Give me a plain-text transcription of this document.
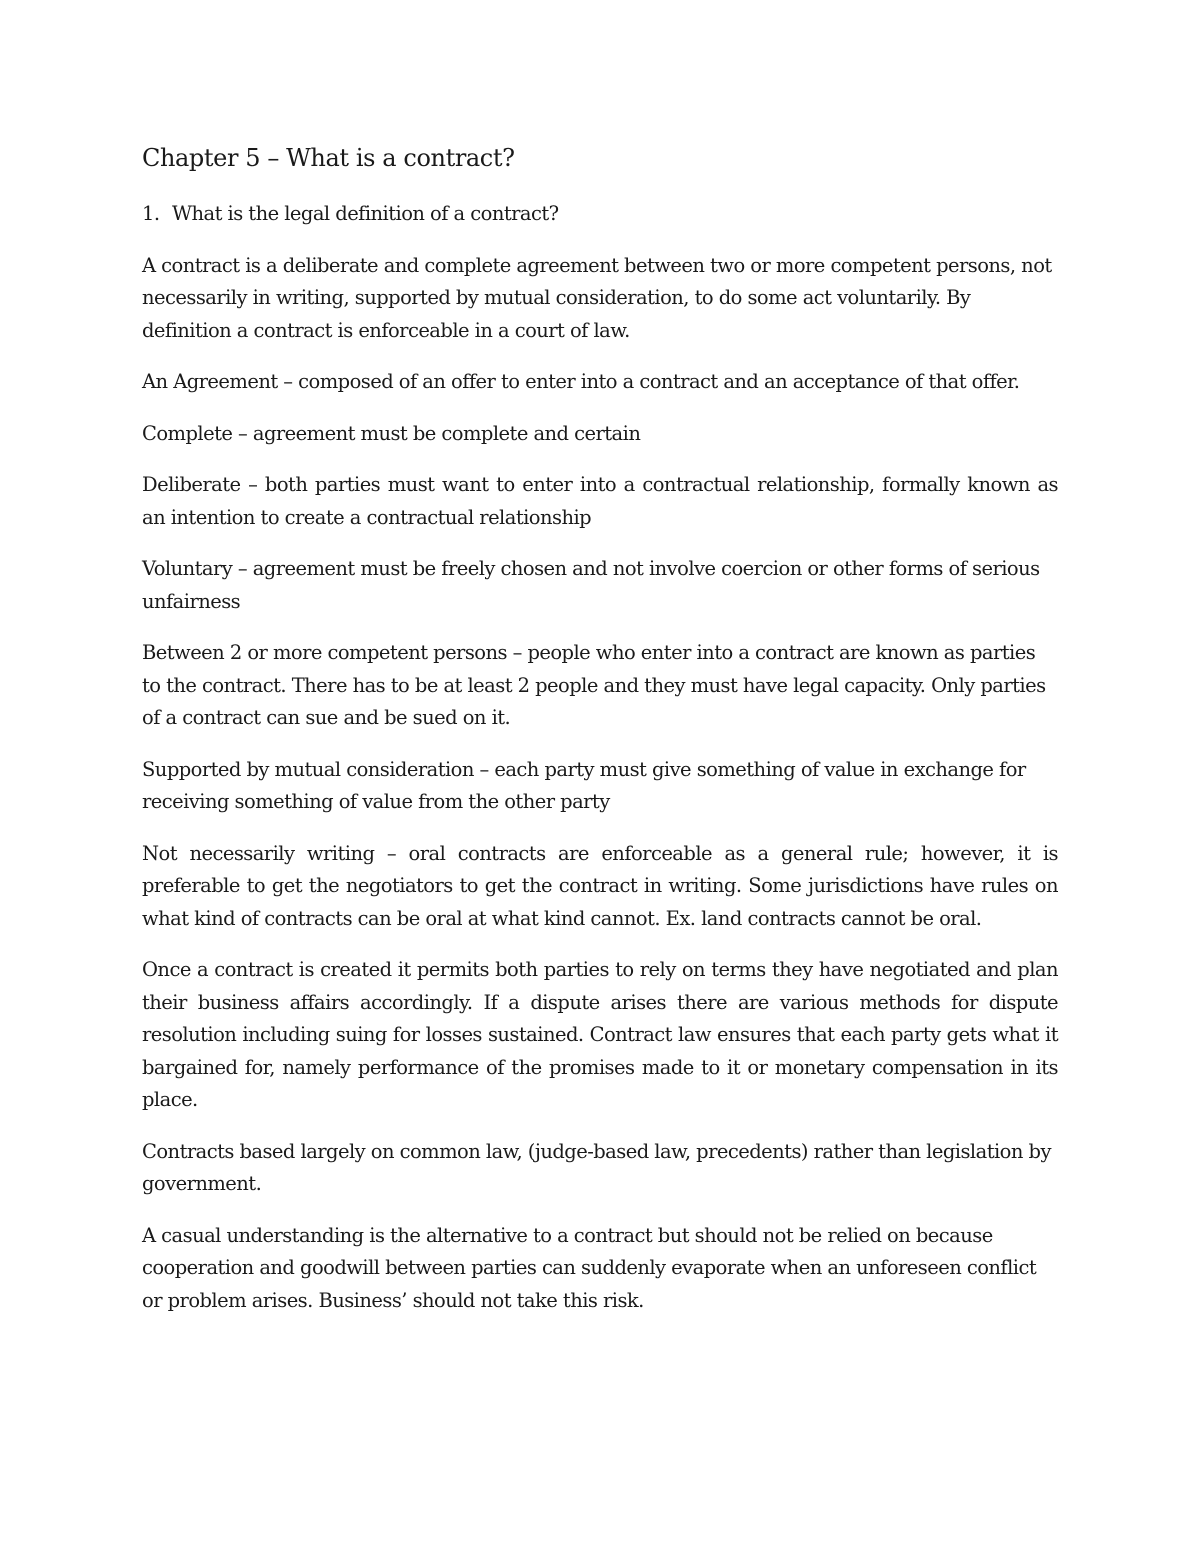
Chapter 5 – What is a contract?
1. What is the legal definition of a contract?

A contract is a deliberate and complete agreement between two or more competent persons, not necessarily in writing, supported by mutual consideration, to do some act voluntarily. By definition a contract is enforceable in a court of law.

An Agreement – composed of an offer to enter into a contract and an acceptance of that offer.

Complete – agreement must be complete and certain

Deliberate – both parties must want to enter into a contractual relationship, formally known as an intention to create a contractual relationship

Voluntary – agreement must be freely chosen and not involve coercion or other forms of serious unfairness

Between 2 or more competent persons – people who enter into a contract are known as parties to the contract. There has to be at least 2 people and they must have legal capacity. Only parties of a contract can sue and be sued on it.

Supported by mutual consideration – each party must give something of value in exchange for receiving something of value from the other party

Not necessarily writing – oral contracts are enforceable as a general rule; however, it is preferable to get the negotiators to get the contract in writing. Some jurisdictions have rules on what kind of contracts can be oral at what kind cannot. Ex. land contracts cannot be oral.

Once a contract is created it permits both parties to rely on terms they have negotiated and plan their business affairs accordingly. If a dispute arises there are various methods for dispute resolution including suing for losses sustained. Contract law ensures that each party gets what it bargained for, namely performance of the promises made to it or monetary compensation in its place.

Contracts based largely on common law, (judge-based law, precedents) rather than legislation by government.

A casual understanding is the alternative to a contract but should not be relied on because cooperation and goodwill between parties can suddenly evaporate when an unforeseen conflict or problem arises. Business’ should not take this risk.
